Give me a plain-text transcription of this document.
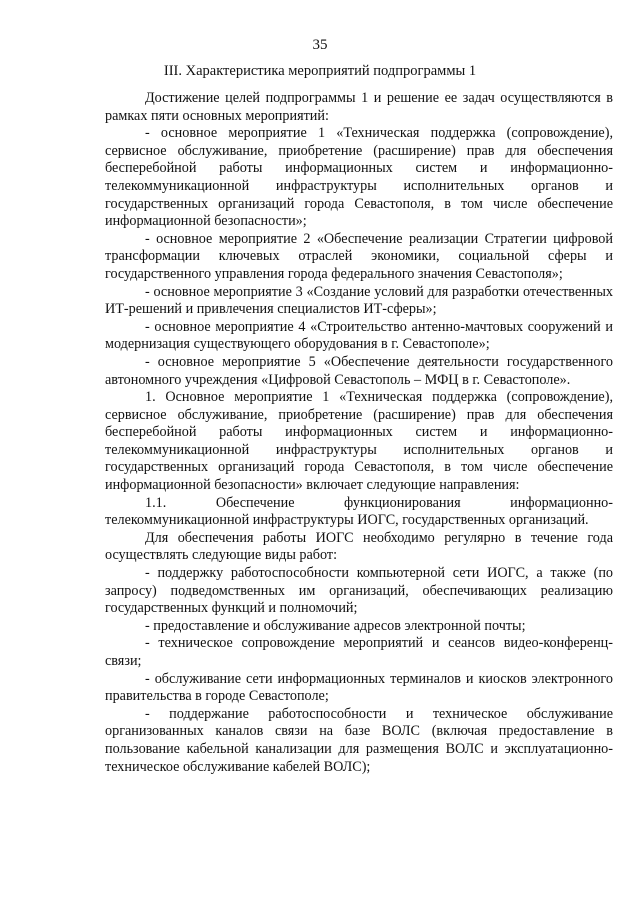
35
III. Характеристика мероприятий подпрограммы 1

Достижение целей подпрограммы 1 и решение ее задач осуществляются в рамках пяти основных мероприятий:

- основное мероприятие 1 «Техническая поддержка (сопровождение), сервисное обслуживание, приобретение (расширение) прав для обеспечения бесперебойной работы информационных систем и информационно-телекоммуникационной инфраструктуры исполнительных органов и государственных организаций города Севастополя, в том числе обеспечение информационной безопасности»;

- основное мероприятие 2 «Обеспечение реализации Стратегии цифровой трансформации ключевых отраслей экономики, социальной сферы и государственного управления города федерального значения Севастополя»;

- основное мероприятие 3 «Создание условий для разработки отечественных ИТ-решений и привлечения специалистов ИТ-сферы»;

- основное мероприятие 4 «Строительство антенно-мачтовых сооружений и модернизация существующего оборудования в г. Севастополе»;

- основное мероприятие 5 «Обеспечение деятельности государственного автономного учреждения «Цифровой Севастополь – МФЦ в г. Севастополе».

1. Основное мероприятие 1 «Техническая поддержка (сопровождение), сервисное обслуживание, приобретение (расширение) прав для обеспечения бесперебойной работы информационных систем и информационно-телекоммуникационной инфраструктуры исполнительных органов и государственных организаций города Севастополя, в том числе обеспечение информационной безопасности» включает следующие направления:

1.1. Обеспечение функционирования информационно-телекоммуникационной инфраструктуры ИОГС, государственных организаций.

Для обеспечения работы ИОГС необходимо регулярно в течение года осуществлять следующие виды работ:

- поддержку работоспособности компьютерной сети ИОГС, а также (по запросу) подведомственных им организаций, обеспечивающих реализацию государственных функций и полномочий;

- предоставление и обслуживание адресов электронной почты;

- техническое сопровождение мероприятий и сеансов видео-конференц-связи;

- обслуживание сети информационных терминалов и киосков электронного правительства в городе Севастополе;

- поддержание работоспособности и техническое обслуживание организованных каналов связи на базе ВОЛС (включая предоставление в пользование кабельной канализации для размещения ВОЛС и эксплуатационно-техническое обслуживание кабелей ВОЛС);
